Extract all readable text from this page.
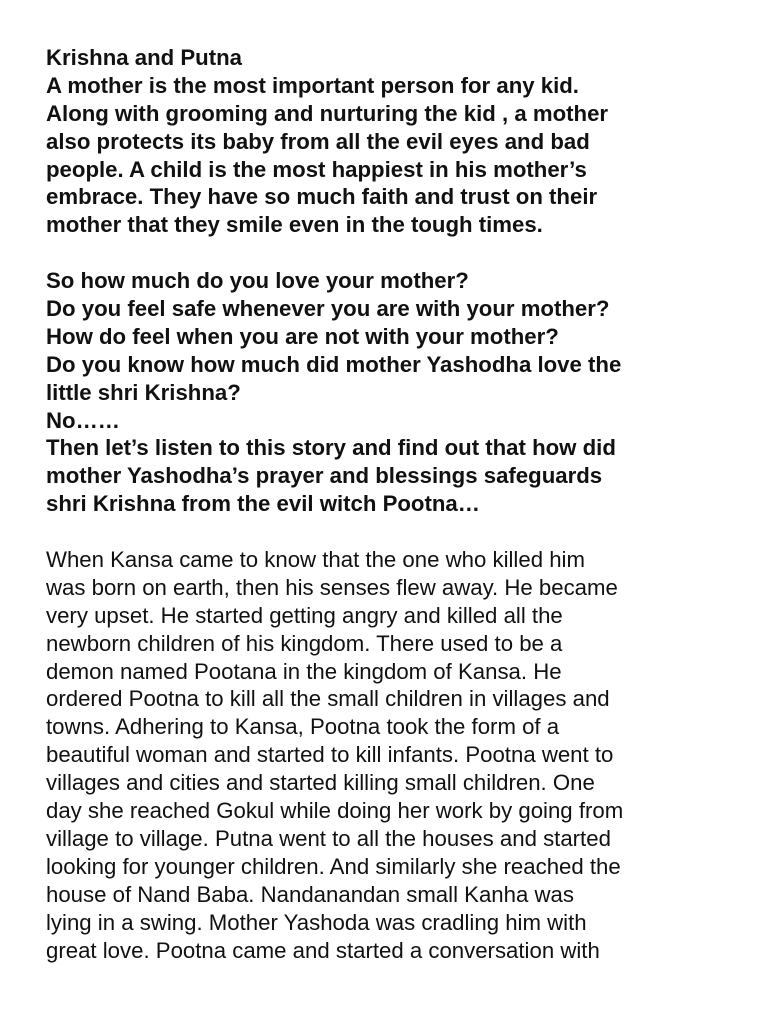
Krishna and Putna
A mother is the most important person for any kid.
Along with grooming and nurturing the kid , a mother
also protects its baby from all the evil eyes and bad
people. A child is the most happiest in his mother’s
embrace. They have so much faith and trust on their
mother that they smile even in the tough times.
So how much do you love your mother?
Do you feel safe whenever you are with your mother?
How do feel when you are not with your mother?
Do you know how much did mother Yashodha love the
little shri Krishna?
No……
Then let’s listen to this story and find out that how did
mother Yashodha’s prayer and blessings safeguards
shri Krishna from the evil witch Pootna…
When Kansa came to know that the one who killed him
was born on earth, then his senses flew away. He became
very upset. He started getting angry and killed all the
newborn children of his kingdom. There used to be a
demon named Pootana in the kingdom of Kansa. He
ordered Pootna to kill all the small children in villages and
towns. Adhering to Kansa, Pootna took the form of a
beautiful woman and started to kill infants. Pootna went to
villages and cities and started killing small children. One
day she reached Gokul while doing her work by going from
village to village. Putna went to all the houses and started
looking for younger children. And similarly she reached the
house of Nand Baba. Nandanandan small Kanha was
lying in a swing. Mother Yashoda was cradling him with
great love. Pootna came and started a conversation with
